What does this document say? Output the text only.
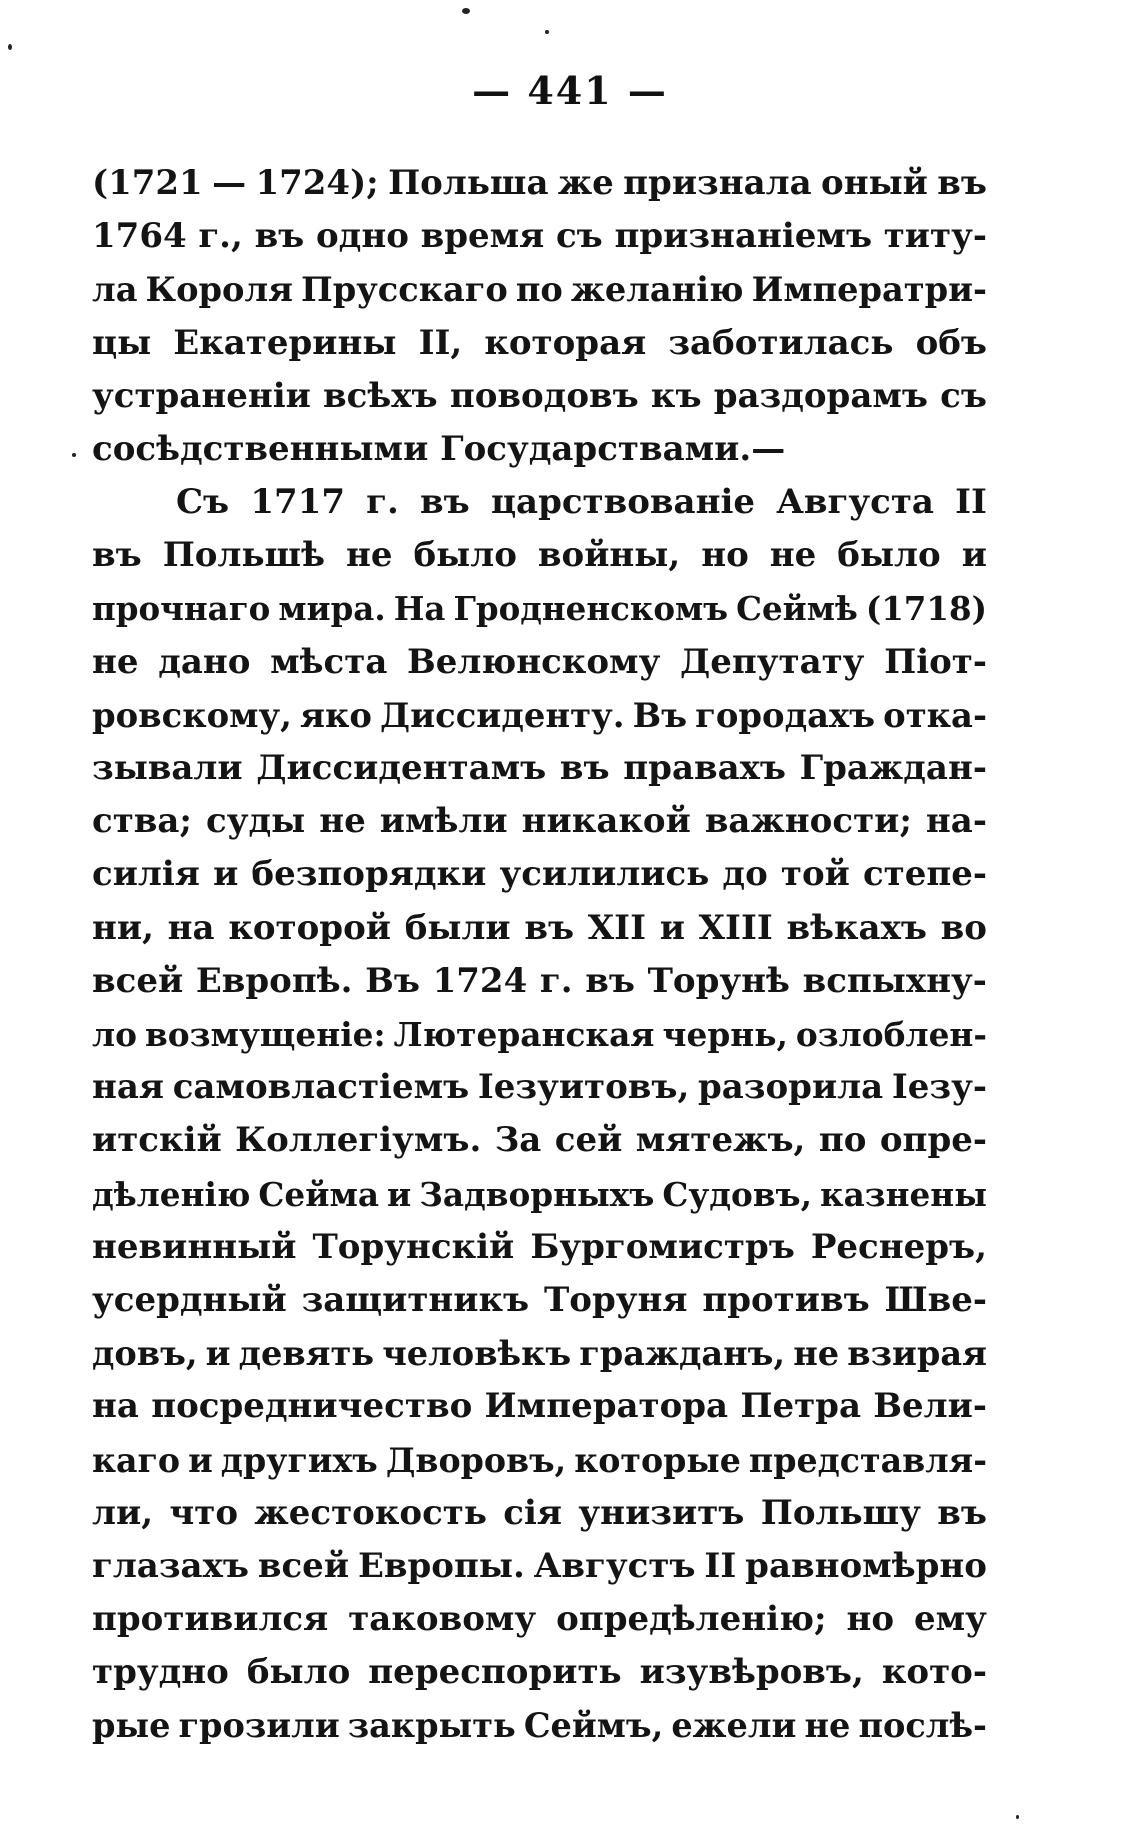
— 441 —
(1721 — 1724); Польша же признала оный въ
1764 г., въ одно время съ признаніемъ титу-
ла Короля Прусскаго по желанію Императри-
цы Екатерины II, которая заботилась объ
устраненіи всѣхъ поводовъ къ раздорамъ съ
сосѣдственными Государствами.—
Съ 1717 г. въ царствованіе Августа II
въ Польшѣ не было войны, но не было и
прочнаго мира. На Гродненскомъ Сеймѣ (1718)
не дано мѣста Велюнскому Депутату Піот-
ровскому, яко Диссиденту. Въ городахъ отка-
зывали Диссидентамъ въ правахъ Граждан-
ства; суды не имѣли никакой важности; на-
силія и безпорядки усилились до той степе-
ни, на которой были въ XII и XIII вѣкахъ во
всей Европѣ. Въ 1724 г. въ Торунѣ вспыхну-
ло возмущеніе: Лютеранская чернь, озлоблен-
ная самовластіемъ Іезуитовъ, разорила Іезу-
итскій Коллегіумъ. За сей мятежъ, по опре-
дѣленію Сейма и Задворныхъ Судовъ, казнены
невинный Торунскій Бургомистръ Реснеръ,
усердный защитникъ Торуня противъ Шве-
довъ, и девять человѣкъ гражданъ, не взирая
на посредничество Императора Петра Вели-
каго и другихъ Дворовъ, которые представля-
ли, что жестокость сія унизитъ Польшу въ
глазахъ всей Европы. Августъ II равномѣрно
противился таковому опредѣленію; но ему
трудно было переспорить изувѣровъ, кото-
рые грозили закрыть Сеймъ, ежели не послѣ-
